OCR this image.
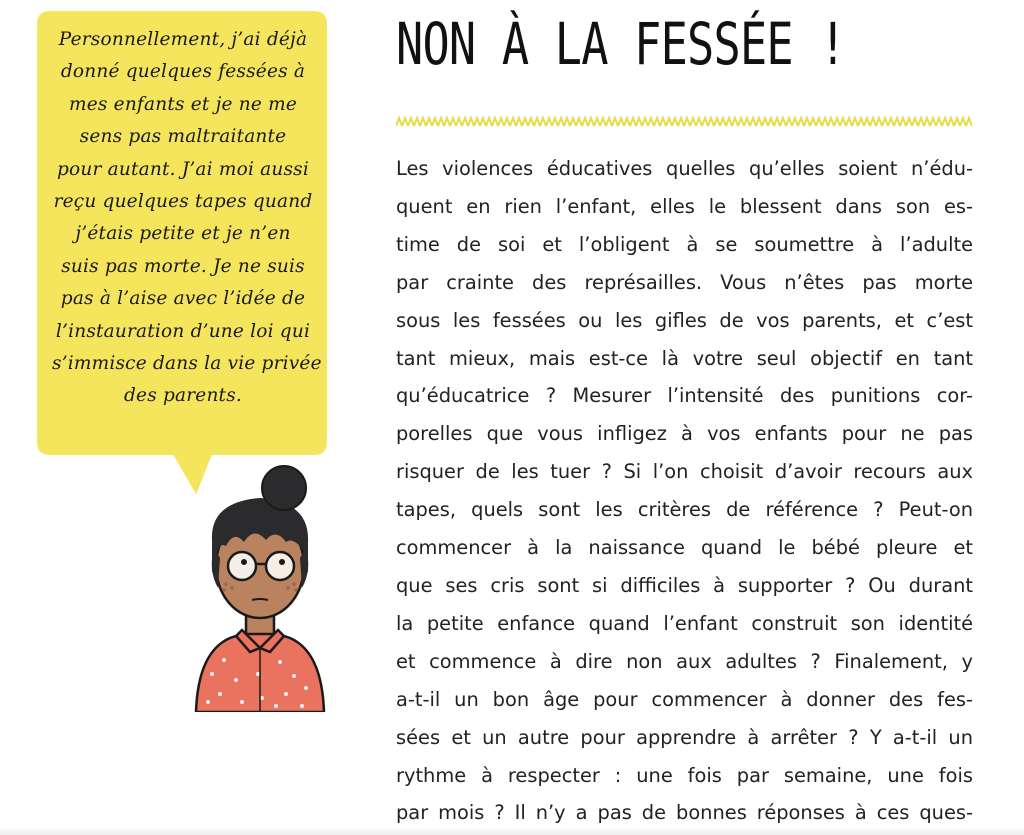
Personnellement, j’ai déjà
donné quelques fessées à
mes enfants et je ne me
sens pas maltraitante
pour autant. J’ai moi aussi
reçu quelques tapes quand
j’étais petite et je n’en
suis pas morte. Je ne suis
pas à l’aise avec l’idée de
l’instauration d’une loi qui
s’immisce dans la vie privée
des parents.
NON À LA FESSÉE !
Les violences éducatives quelles qu’elles soient n’édu-
quent en rien l’enfant, elles le blessent dans son es-
time de soi et l’obligent à se soumettre à l’adulte
par crainte des représailles. Vous n’êtes pas morte
sous les fessées ou les gifles de vos parents, et c’est
tant mieux, mais est-ce là votre seul objectif en tant
qu’éducatrice ? Mesurer l’intensité des punitions cor-
porelles que vous infligez à vos enfants pour ne pas
risquer de les tuer ? Si l’on choisit d’avoir recours aux
tapes, quels sont les critères de référence ? Peut-on
commencer à la naissance quand le bébé pleure et
que ses cris sont si difficiles à supporter ? Ou durant
la petite enfance quand l’enfant construit son identité
et commence à dire non aux adultes ? Finalement, y
a-t-il un bon âge pour commencer à donner des fes-
sées et un autre pour apprendre à arrêter ? Y a-t-il un
rythme à respecter : une fois par semaine, une fois
par mois ? Il n’y a pas de bonnes réponses à ces ques-
